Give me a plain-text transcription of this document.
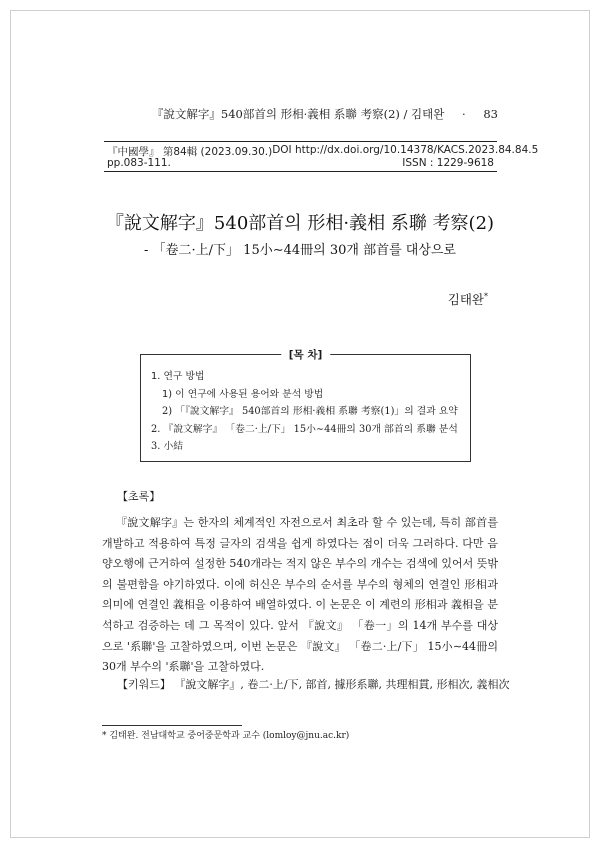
『說文解字』540部首의 形相·義相 系聯 考察(2) / 김태완 · 83
『中國學』 第84輯 (2023.09.30.) DOI http://dx.doi.org/10.14378/KACS.2023.84.84.5
pp.083-111.	ISSN : 1229-9618
『說文解字』540部首의 形相·義相 系聯 考察(2)
- 「卷二·上/下」 15小∼44冊의 30개 部首를 대상으로
김태완*
[목 차]
1. 연구 방법
1) 이 연구에 사용된 용어와 분석 방법
2) 「『說文解字』 540部首의 形相·義相 系聯 考察(1)」의 결과 요약
2. 『說文解字』 「卷二·上/下」 15小∼44冊의 30개 部首의 系聯 분석
3. 小結
【초록】

『說文解字』는 한자의 체계적인 자전으로서 최초라 할 수 있는데, 특히 部首를 개발하고 적용하여 특정 글자의 검색을 쉽게 하였다는 점이 더욱 그러하다. 다만 음양오행에 근거하여 설정한 540개라는 적지 않은 부수의 개수는 검색에 있어서 뜻밖의 불편함을 야기하였다. 이에 허신은 부수의 순서를 부수의 형체의 연결인 形相과 의미에 연결인 義相을 이용하여 배열하였다. 이 논문은 이 계련의 形相과 義相을 분석하고 검증하는 데 그 목적이 있다. 앞서 『說文』 「卷一」의 14개 부수를 대상으로 '系聯'을 고찰하였으며, 이번 논문은 『說文』 「卷二·上/下」 15小∼44冊의 30개 부수의 '系聯'을 고찰하였다.

【키워드】 『說文解字』, 卷二·上/下, 部首, 據形系聯, 共理相貫, 形相次, 義相次
* 김태완. 전남대학교 중어중문학과 교수 (lomloy@jnu.ac.kr)
